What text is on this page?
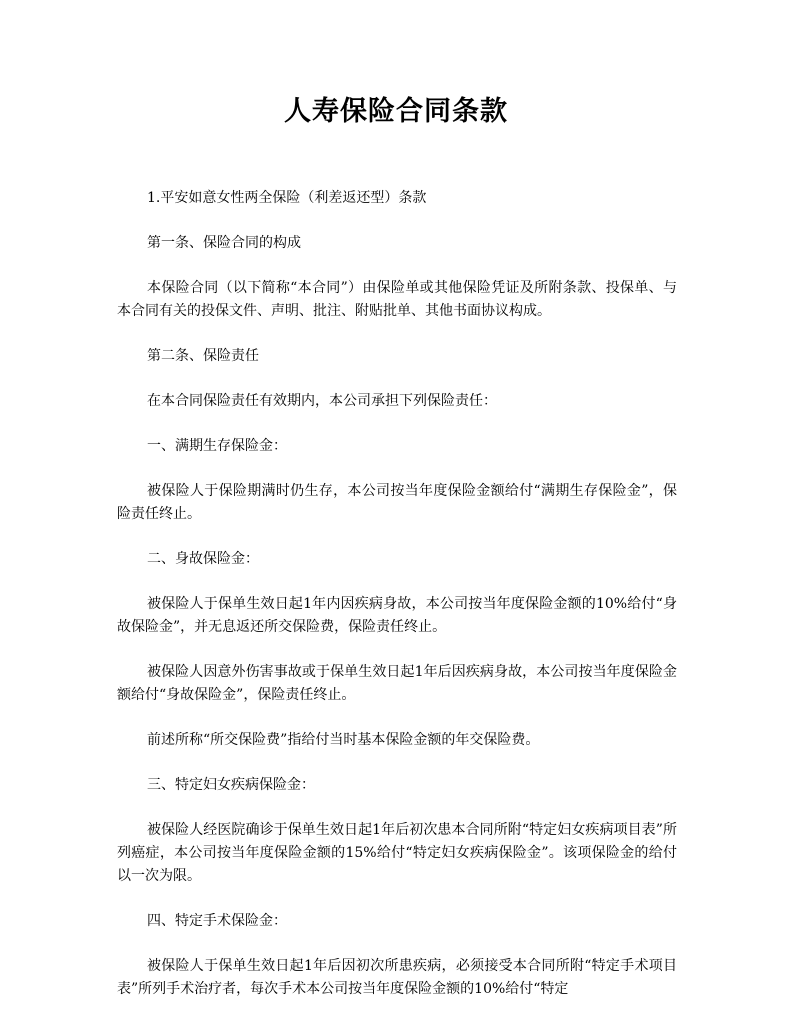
人寿保险合同条款

1.平安如意女性两全保险（利差返还型）条款

第一条、保险合同的构成

本保险合同（以下简称“本合同”）由保险单或其他保险凭证及所附条款、投保单、与本合同有关的投保文件、声明、批注、附贴批单、其他书面协议构成。

第二条、保险责任

在本合同保险责任有效期内，本公司承担下列保险责任：

一、满期生存保险金：

被保险人于保险期满时仍生存，本公司按当年度保险金额给付“满期生存保险金”，保险责任终止。

二、身故保险金：

被保险人于保单生效日起1年内因疾病身故，本公司按当年度保险金额的10%给付“身故保险金”，并无息返还所交保险费，保险责任终止。

被保险人因意外伤害事故或于保单生效日起1年后因疾病身故，本公司按当年度保险金额给付“身故保险金”，保险责任终止。

前述所称“所交保险费”指给付当时基本保险金额的年交保险费。

三、特定妇女疾病保险金：

被保险人经医院确诊于保单生效日起1年后初次患本合同所附“特定妇女疾病项目表”所列癌症，本公司按当年度保险金额的15%给付“特定妇女疾病保险金”。该项保险金的给付以一次为限。

四、特定手术保险金：

被保险人于保单生效日起1年后因初次所患疾病，必须接受本合同所附“特定手术项目表”所列手术治疗者，每次手术本公司按当年度保险金额的10%给付“特定
